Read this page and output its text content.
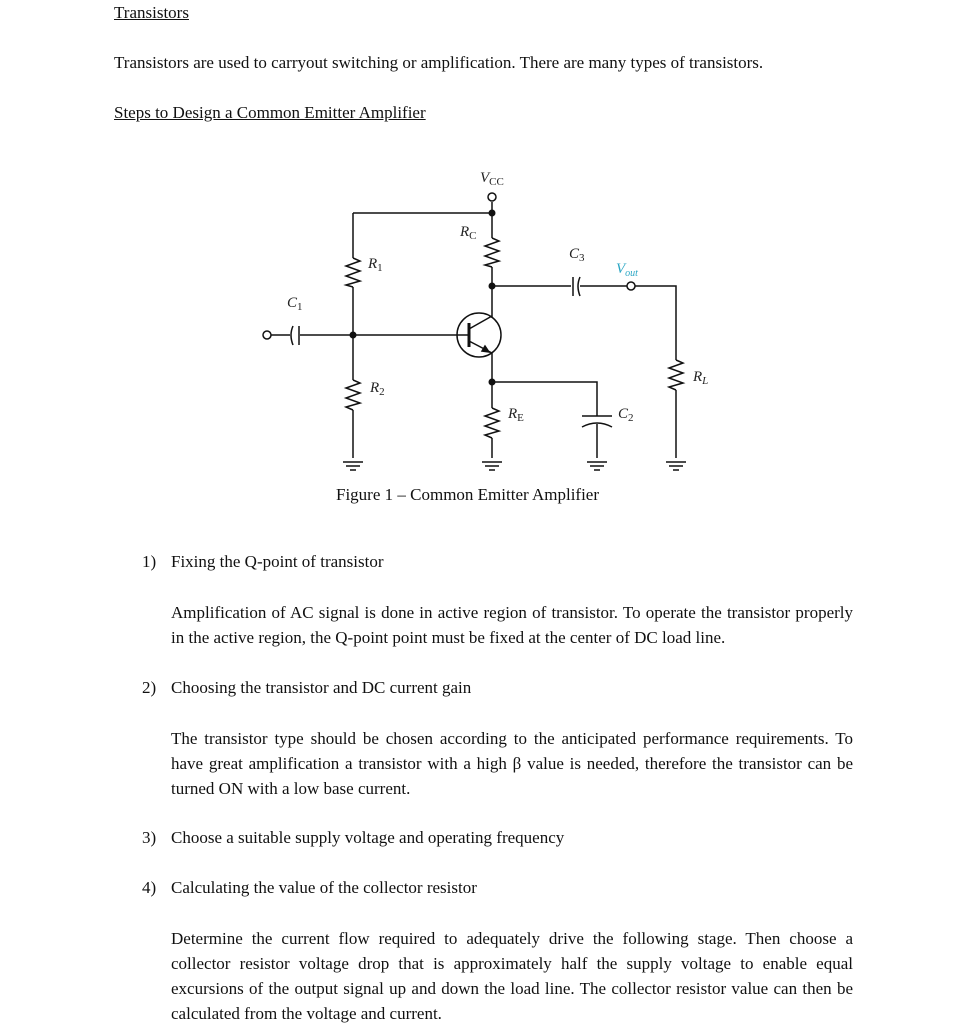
Transistors
Transistors are used to carryout switching or amplification. There are many types of transistors.
Steps to Design a Common Emitter Amplifier
$V_{CC}$
$R_C$
$R_1$
$C_1$
$R_2$
$R_E$	$C_2$
$C_3$
$R_L$
$V_{out}$
Figure 1 – Common Emitter Amplifier
1) Fixing the Q-point of transistor
Amplification of AC signal is done in active region of transistor. To operate the transistor properly in the active region, the Q-point point must be fixed at the center of DC load line.
2) Choosing the transistor and DC current gain
The transistor type should be chosen according to the anticipated performance requirements. To have great amplification a transistor with a high β value is needed, therefore the transistor can be turned ON with a low base current.
3) Choose a suitable supply voltage and operating frequency
4) Calculating the value of the collector resistor
Determine the current flow required to adequately drive the following stage. Then choose a collector resistor voltage drop that is approximately half the supply voltage to enable equal excursions of the output signal up and down the load line. The collector resistor value can then be calculated from the voltage and current.
